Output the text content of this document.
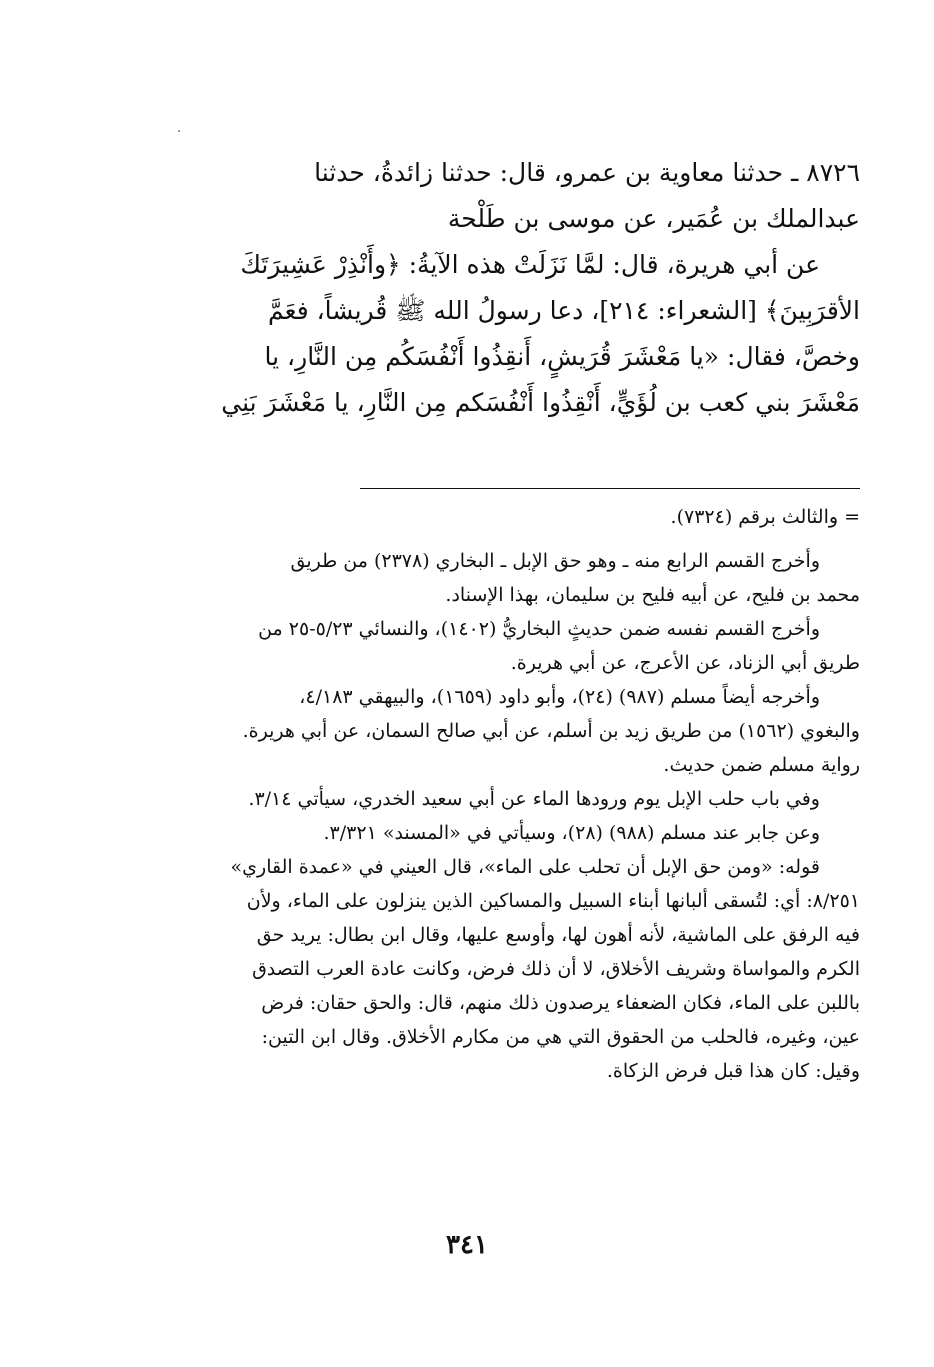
٨٧٢٦ ـ حدثنا معاوية بن عمرو، قال: حدثنا زائدةُ، حدثنا
عبدالملك بن عُمَير، عن موسى بن طَلْحة
عن أبي هريرة، قال: لمَّا نَزَلَتْ هذه الآيةُ: ﴿وأَنْذِرْ عَشِيرَتَكَ
الأقرَبِينَ﴾ [الشعراء: ٢١٤]، دعا رسولُ الله ﷺ قُريشاً، فعَمَّ
وخصَّ، فقال: «يا مَعْشَرَ قُرَيشٍ، أَنقِذُوا أَنْفُسَكُم مِن النَّارِ، يا
مَعْشَرَ بني كعب بن لُؤَيٍّ، أَنْقِذُوا أَنْفُسَكم مِن النَّارِ، يا مَعْشَرَ بَنِي
= والثالث برقم (٧٣٢٤).
وأخرج القسم الرابع منه ـ وهو حق الإبل ـ البخاري (٢٣٧٨) من طريق
محمد بن فليح، عن أبيه فليح بن سليمان، بهذا الإسناد.
وأخرج القسم نفسه ضمن حديثٍ البخاريُّ (١٤٠٢)، والنسائي ٥/٢٣-٢٥ من
طريق أبي الزناد، عن الأعرج، عن أبي هريرة.
وأخرجه أيضاً مسلم (٩٨٧) (٢٤)، وأبو داود (١٦٥٩)، والبيهقي ٤/١٨٣،
والبغوي (١٥٦٢) من طريق زيد بن أسلم، عن أبي صالح السمان، عن أبي هريرة.
رواية مسلم ضمن حديث.
وفي باب حلب الإبل يوم ورودها الماء عن أبي سعيد الخدري، سيأتي ٣/١٤.
وعن جابر عند مسلم (٩٨٨) (٢٨)، وسيأتي في «المسند» ٣/٣٢١.
قوله: «ومن حق الإبل أن تحلب على الماء»، قال العيني في «عمدة القاري»
٨/٢٥١: أي: لتُسقى ألبانها أبناء السبيل والمساكين الذين ينزلون على الماء، ولأن
فيه الرفق على الماشية، لأنه أهون لها، وأوسع عليها، وقال ابن بطال: يريد حق
الكرم والمواساة وشريف الأخلاق، لا أن ذلك فرض، وكانت عادة العرب التصدق
باللبن على الماء، فكان الضعفاء يرصدون ذلك منهم، قال: والحق حقان: فرض
عين، وغيره، فالحلب من الحقوق التي هي من مكارم الأخلاق. وقال ابن التين:
وقيل: كان هذا قبل فرض الزكاة.
٣٤١
